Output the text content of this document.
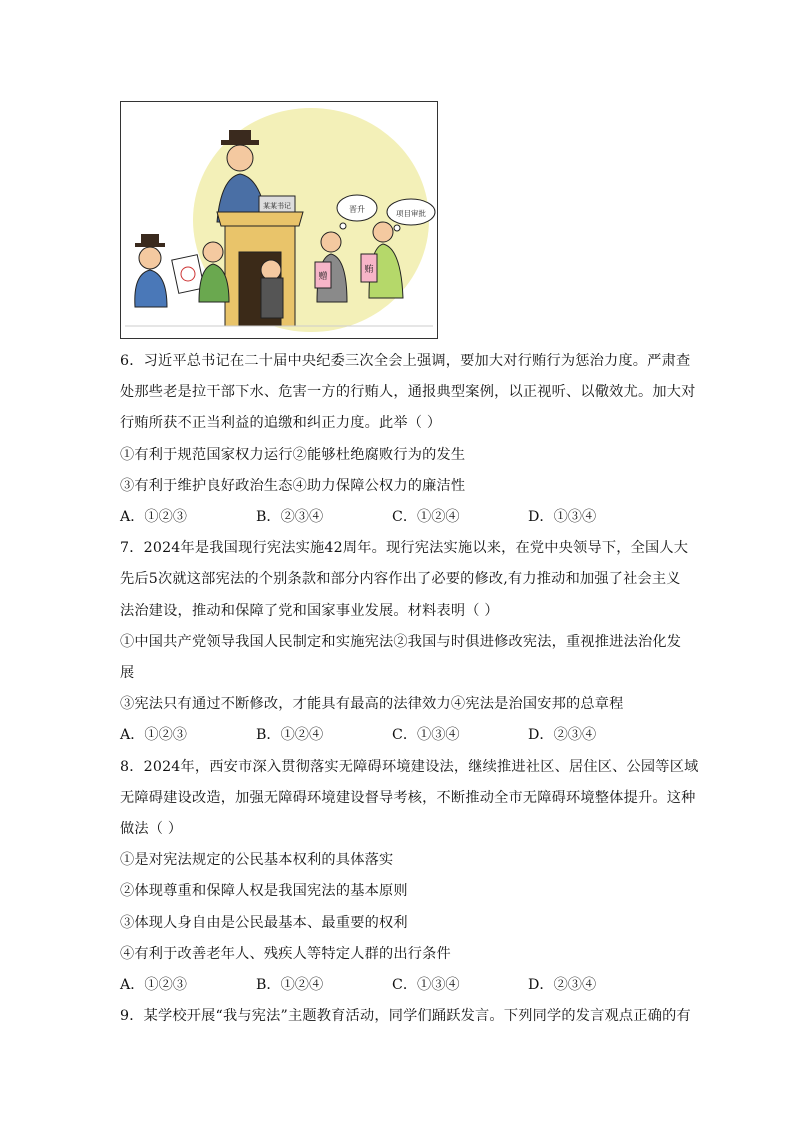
某某书记
赠
贿
晋升	项目审批
6．习近平总书记在二十届中央纪委三次全会上强调，要加大对行贿行为惩治力度。严肃查
处那些老是拉干部下水、危害一方的行贿人，通报典型案例，以正视听、以儆效尤。加大对
行贿所获不正当利益的追缴和纠正力度。此举（ ）
①有利于规范国家权力运行②能够杜绝腐败行为的发生
③有利于维护良好政治生态④助力保障公权力的廉洁性
A．①②③	B．②③④	C．①②④	D．①③④
7．2024年是我国现行宪法实施42周年。现行宪法实施以来，在党中央领导下，全国人大
先后5次就这部宪法的个别条款和部分内容作出了必要的修改,有力推动和加强了社会主义
法治建设，推动和保障了党和国家事业发展。材料表明（ ）
①中国共产党领导我国人民制定和实施宪法②我国与时俱进修改宪法，重视推进法治化发
展
③宪法只有通过不断修改，才能具有最高的法律效力④宪法是治国安邦的总章程
A．①②③	B．①②④	C．①③④	D．②③④
8．2024年，西安市深入贯彻落实无障碍环境建设法，继续推进社区、居住区、公园等区域
无障碍建设改造，加强无障碍环境建设督导考核，不断推动全市无障碍环境整体提升。这种
做法（ ）
①是对宪法规定的公民基本权利的具体落实
②体现尊重和保障人权是我国宪法的基本原则
③体现人身自由是公民最基本、最重要的权利
④有利于改善老年人、残疾人等特定人群的出行条件
A．①②③	B．①②④	C．①③④	D．②③④
9．某学校开展“我与宪法”主题教育活动，同学们踊跃发言。下列同学的发言观点正确的有
